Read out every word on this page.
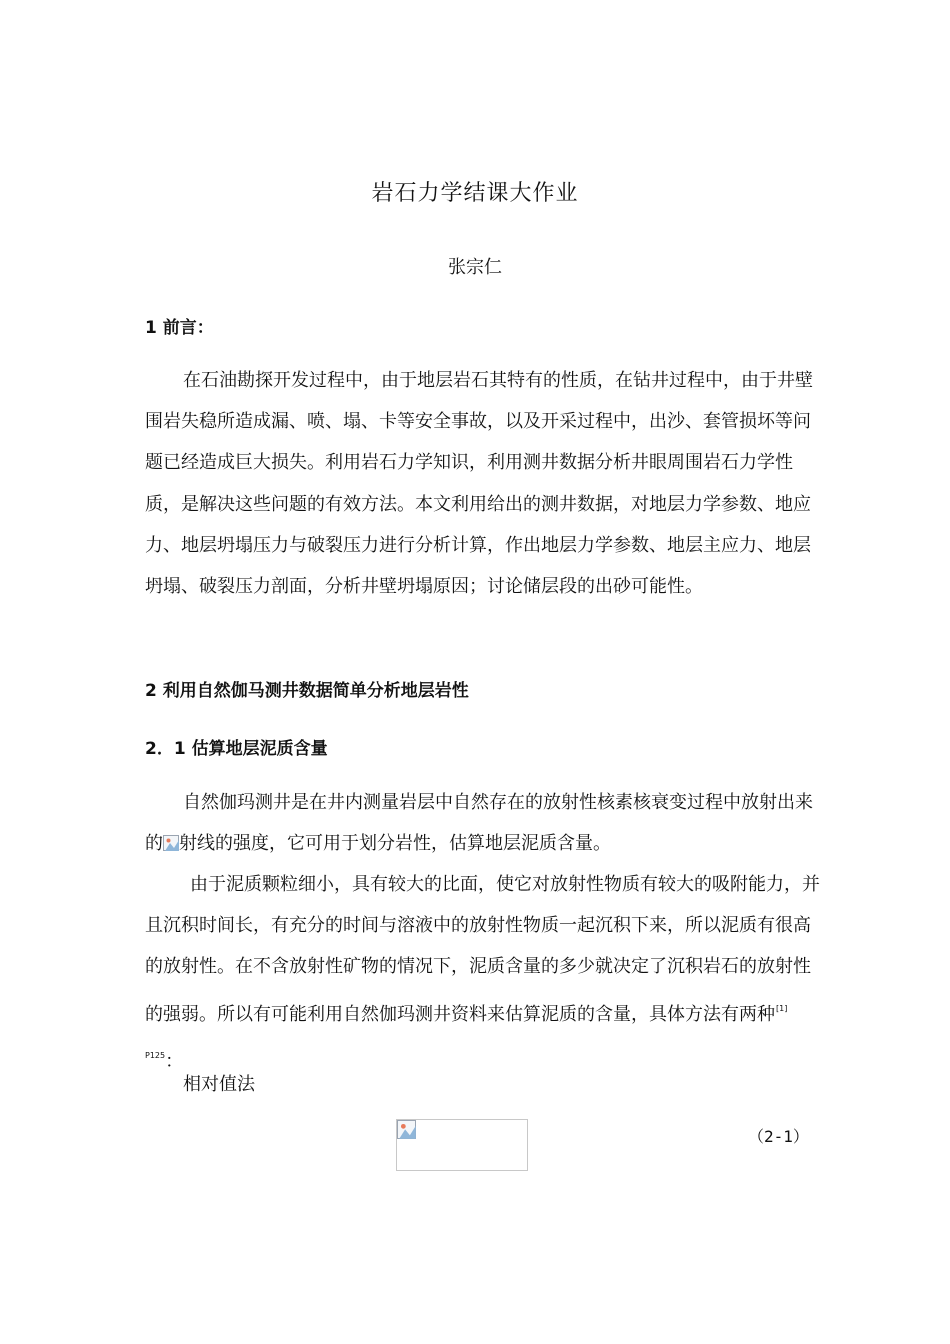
岩石力学结课大作业
张宗仁
1 前言：
在石油勘探开发过程中，由于地层岩石其特有的性质，在钻井过程中，由于井壁围岩失稳所造成漏、喷、塌、卡等安全事故，以及开采过程中，出沙、套管损坏等问题已经造成巨大损失。利用岩石力学知识，利用测井数据分析井眼周围岩石力学性质，是解决这些问题的有效方法。本文利用给出的测井数据，对地层力学参数、地应力、地层坍塌压力与破裂压力进行分析计算，作出地层力学参数、地层主应力、地层坍塌、破裂压力剖面，分析井壁坍塌原因；讨论储层段的出砂可能性。
2 利用自然伽马测井数据简单分析地层岩性
2．1 估算地层泥质含量
自然伽玛测井是在井内测量岩层中自然存在的放射性核素核衰变过程中放射出来的 射线的强度，它可用于划分岩性，估算地层泥质含量。
由于泥质颗粒细小，具有较大的比面，使它对放射性物质有较大的吸附能力，并且沉积时间长，有充分的时间与溶液中的放射性物质一起沉积下来，所以泥质有很高的放射性。在不含放射性矿物的情况下，泥质含量的多少就决定了沉积岩石的放射性的强弱。所以有可能利用自然伽玛测井资料来估算泥质的含量，具体方法有两种$^{[1] P125}$：
相对值法
（2-1）
